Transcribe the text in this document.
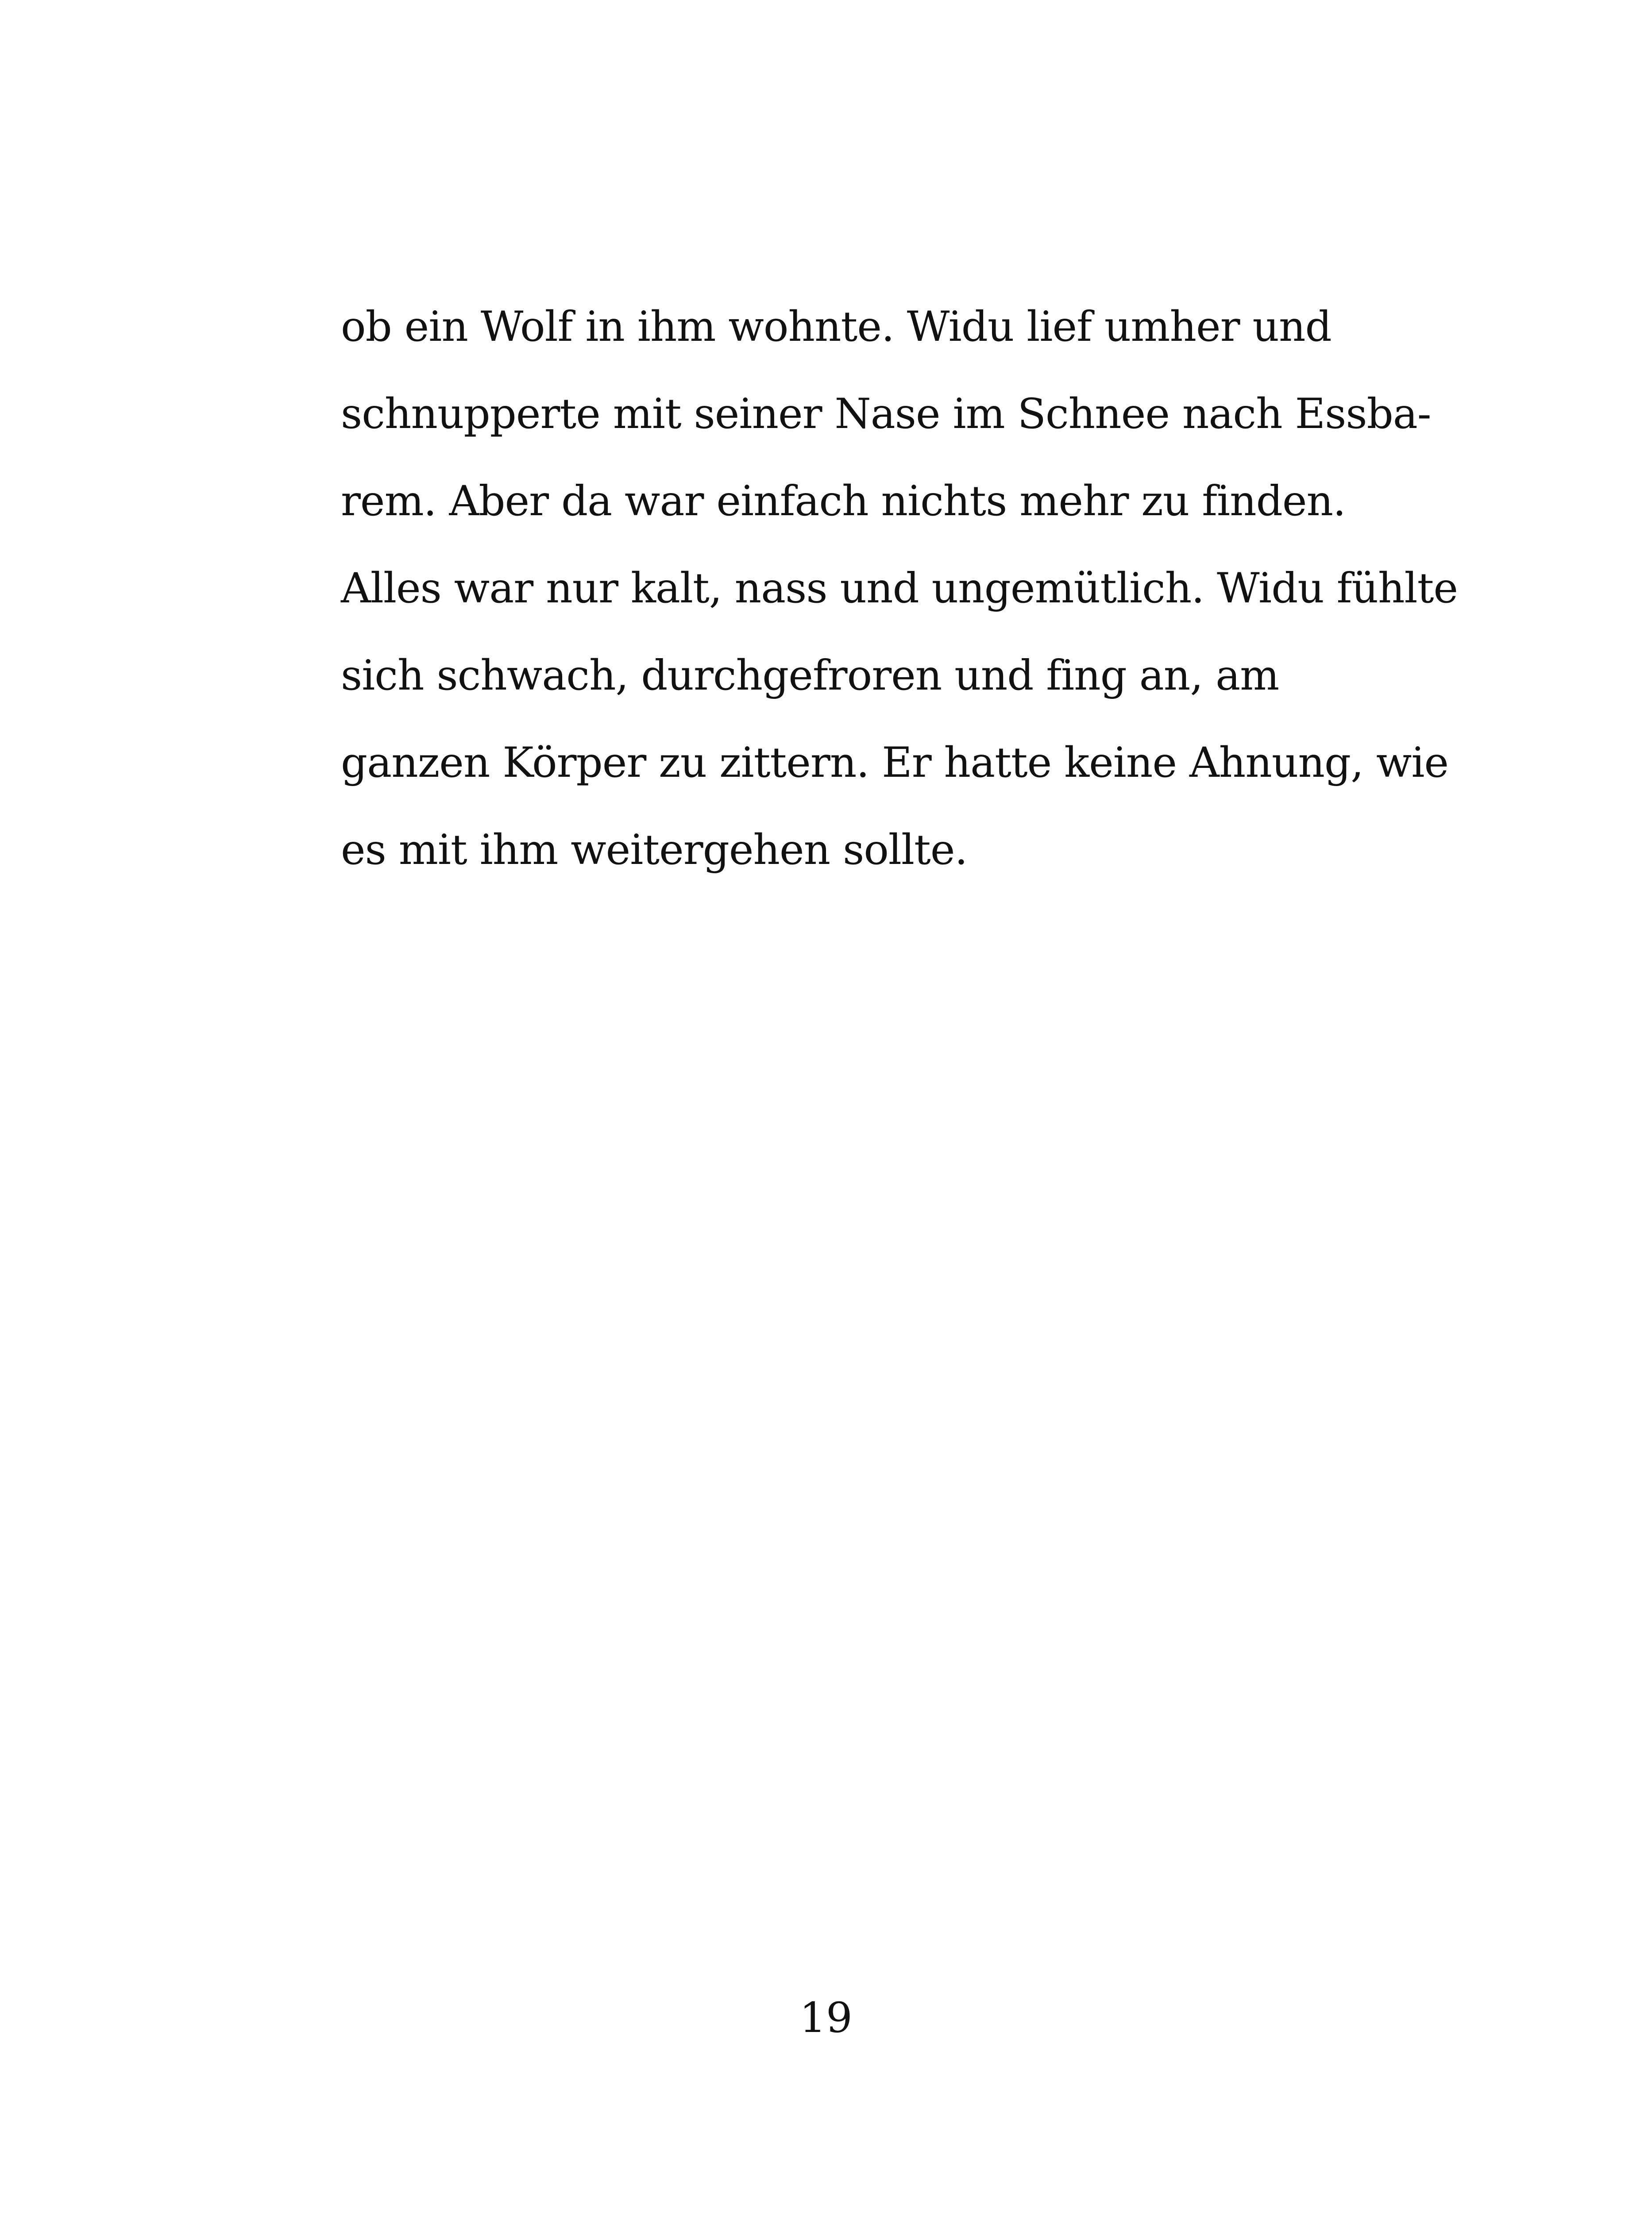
ob ein Wolf in ihm wohnte. Widu lief umher und
schnupperte mit seiner Nase im Schnee nach Essba-
rem. Aber da war einfach nichts mehr zu finden.
Alles war nur kalt, nass und ungemütlich. Widu fühlte
sich schwach, durchgefroren und fing an, am
ganzen Körper zu zittern. Er hatte keine Ahnung, wie
es mit ihm weitergehen sollte.
19
